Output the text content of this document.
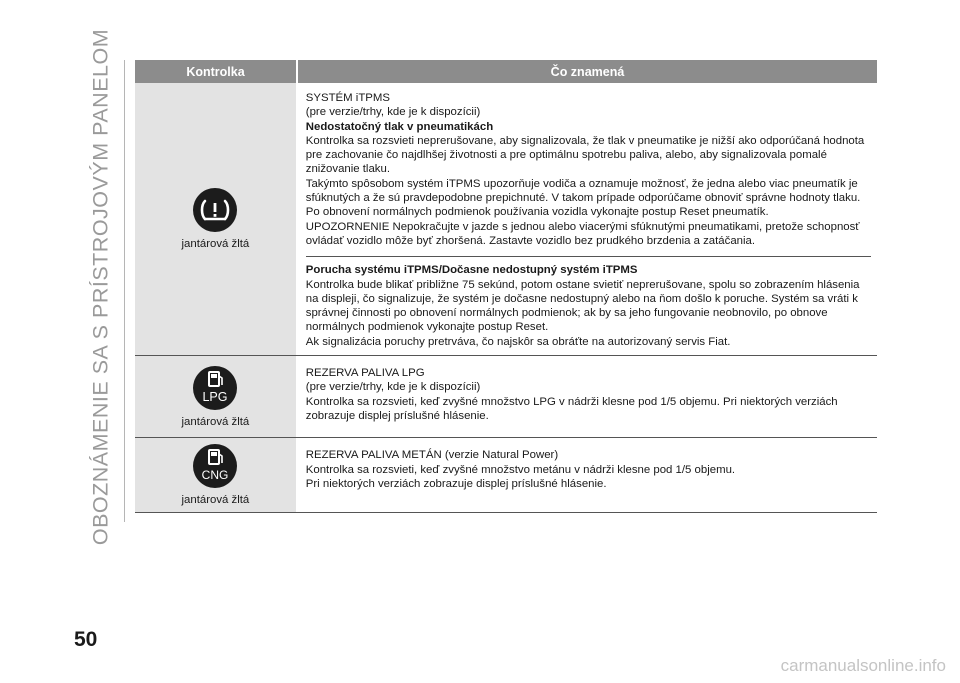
OBOZNÁMENIE SA S PRÍSTROJOVÝM PANELOM	Kontrolka	Čo znamená
jantárová žltá
SYSTÉM iTPMS
(pre verzie/trhy, kde je k dispozícii)
Nedostatočný tlak v pneumatikách
Kontrolka sa rozsvieti neprerušovane, aby signalizovala, že tlak v pneumatike je nižší ako odporúčaná hodnota pre zachovanie čo najdlhšej životnosti a pre optimálnu spotrebu paliva, alebo, aby signalizovala pomalé znižovanie tlaku.
Takýmto spôsobom systém iTPMS upozorňuje vodiča a oznamuje možnosť, že jedna alebo viac pneumatík je sfúknutých a že sú pravdepodobne prepichnuté. V takom prípade odporúčame obnoviť správne hodnoty tlaku. Po obnovení normálnych podmienok používania vozidla vykonajte postup Reset pneumatík.
UPOZORNENIE Nepokračujte v jazde s jednou alebo viacerými sfúknutými pneumatikami, pretože schopnosť ovládať vozidlo môže byť zhoršená. Zastavte vozidlo bez prudkého brzdenia a zatáčania.
Porucha systému iTPMS/Dočasne nedostupný systém iTPMS
Kontrolka bude blikať približne 75 sekúnd, potom ostane svietiť neprerušovane, spolu so zobrazením hlásenia na displeji, čo signalizuje, že systém je dočasne nedostupný alebo na ňom došlo k poruche. Systém sa vráti k správnej činnosti po obnovení normálnych podmienok; ak by sa jeho fungovanie neobnovilo, po obnove normálnych podmienok vykonajte postup Reset.
Ak signalizácia poruchy pretrváva, čo najskôr sa obráťte na autorizovaný servis Fiat.
LPG
jantárová žltá
REZERVA PALIVA LPG
(pre verzie/trhy, kde je k dispozícii)
Kontrolka sa rozsvieti, keď zvyšné množstvo LPG v nádrži klesne pod 1/5 objemu. Pri niektorých verziách zobrazuje displej príslušné hlásenie.
CNG
jantárová žltá
REZERVA PALIVA METÁN (verzie Natural Power)
Kontrolka sa rozsvieti, keď zvyšné množstvo metánu v nádrži klesne pod 1/5 objemu.
Pri niektorých verziách zobrazuje displej príslušné hlásenie.
50
carmanualsonline.info
